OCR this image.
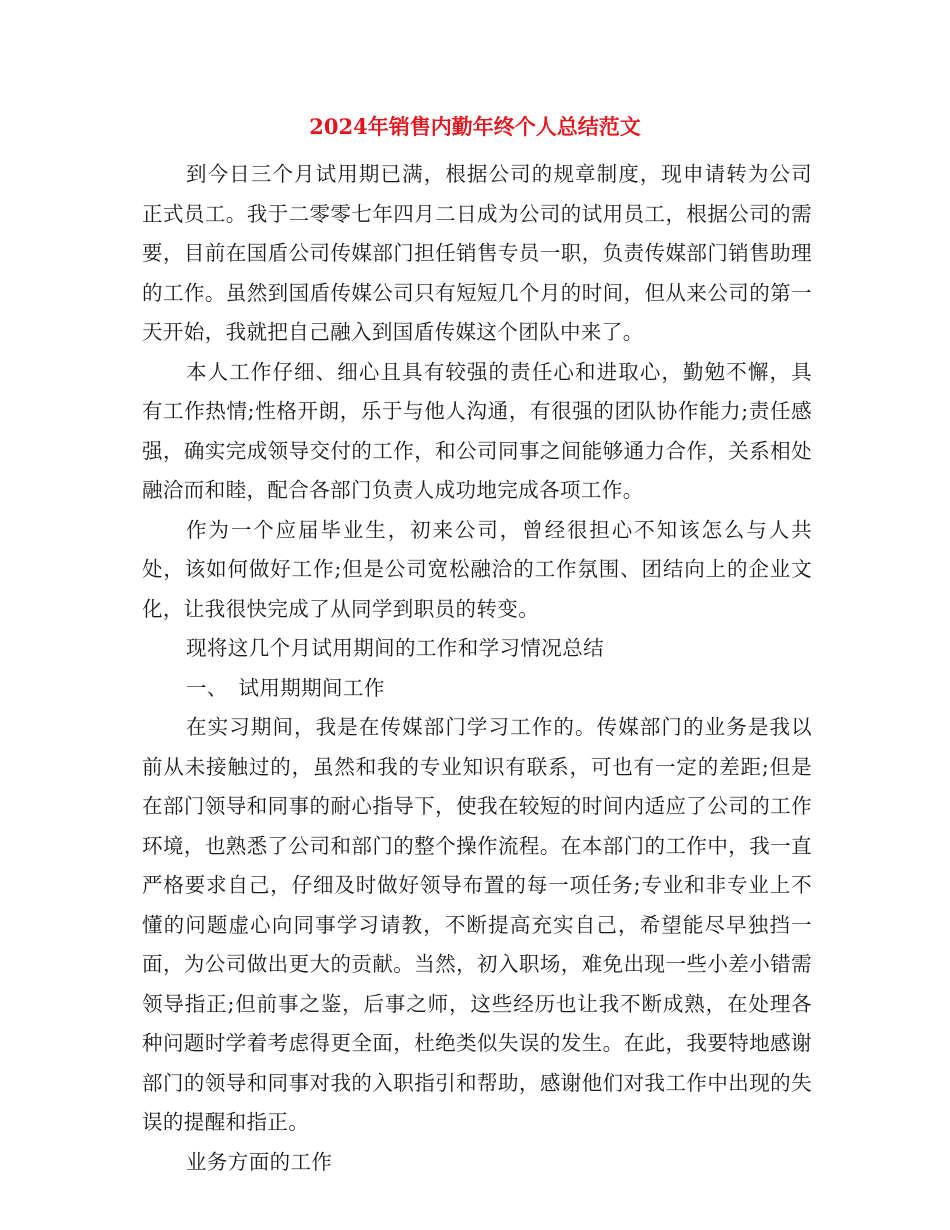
2024年销售内勤年终个人总结范文

到今日三个月试用期已满，根据公司的规章制度，现申请转为公司正式员工。我于二零零七年四月二日成为公司的试用员工，根据公司的需要，目前在国盾公司传媒部门担任销售专员一职，负责传媒部门销售助理的工作。虽然到国盾传媒公司只有短短几个月的时间，但从来公司的第一天开始，我就把自己融入到国盾传媒这个团队中来了。

本人工作仔细、细心且具有较强的责任心和进取心，勤勉不懈，具有工作热情;性格开朗，乐于与他人沟通，有很强的团队协作能力;责任感强，确实完成领导交付的工作，和公司同事之间能够通力合作，关系相处融洽而和睦，配合各部门负责人成功地完成各项工作。

作为一个应届毕业生，初来公司，曾经很担心不知该怎么与人共处，该如何做好工作;但是公司宽松融洽的工作氛围、团结向上的企业文化，让我很快完成了从同学到职员的转变。

现将这几个月试用期间的工作和学习情况总结

一、　试用期期间工作

在实习期间，我是在传媒部门学习工作的。传媒部门的业务是我以前从未接触过的，虽然和我的专业知识有联系，可也有一定的差距;但是在部门领导和同事的耐心指导下，使我在较短的时间内适应了公司的工作环境，也熟悉了公司和部门的整个操作流程。在本部门的工作中，我一直严格要求自己，仔细及时做好领导布置的每一项任务;专业和非专业上不懂的问题虚心向同事学习请教，不断提高充实自己，希望能尽早独挡一面，为公司做出更大的贡献。当然，初入职场，难免出现一些小差小错需领导指正;但前事之鉴，后事之师，这些经历也让我不断成熟，在处理各种问题时学着考虑得更全面，杜绝类似失误的发生。在此，我要特地感谢部门的领导和同事对我的入职指引和帮助，感谢他们对我工作中出现的失误的提醒和指正。

业务方面的工作
